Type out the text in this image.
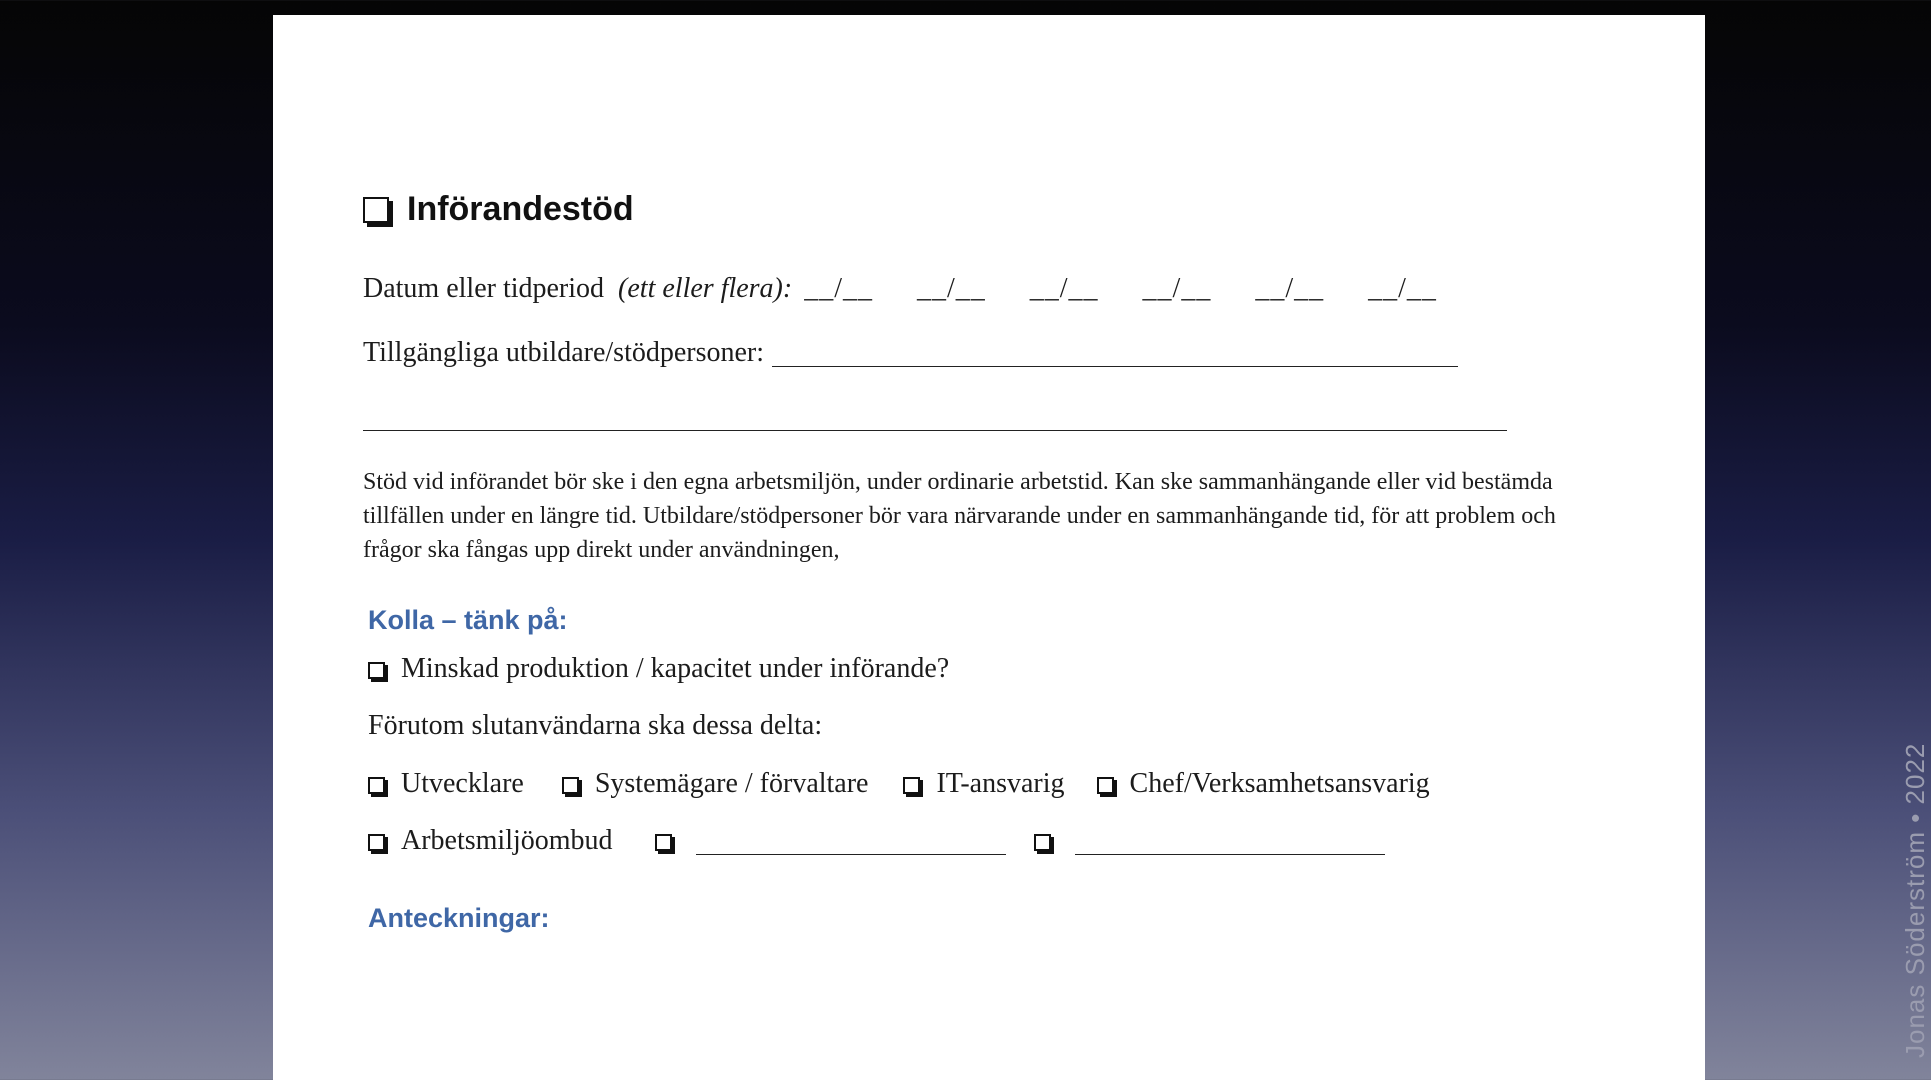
Införandestöd
Datum eller tidperiod (ett eller flera): __/__ __/__ __/__ __/__ __/__ __/__
Tillgängliga utbildare/stödpersoner:
Stöd vid införandet bör ske i den egna arbetsmiljön, under ordinarie arbetstid. Kan ske sammanhängande eller vid bestämda tillfällen under en längre tid. Utbildare/stödpersoner bör vara närvarande under en sammanhängande tid, för att problem och frågor ska fångas upp direkt under användningen,
Kolla – tänk på:
Minskad produktion / kapacitet under införande?
Förutom slutanvändarna ska dessa delta:
Utvecklare	Systemägare / förvaltare IT-ansvarig Chef/Verksamhetsansvarig
Arbetsmiljöombud
Anteckningar:	Jonas Söderström • 2022
